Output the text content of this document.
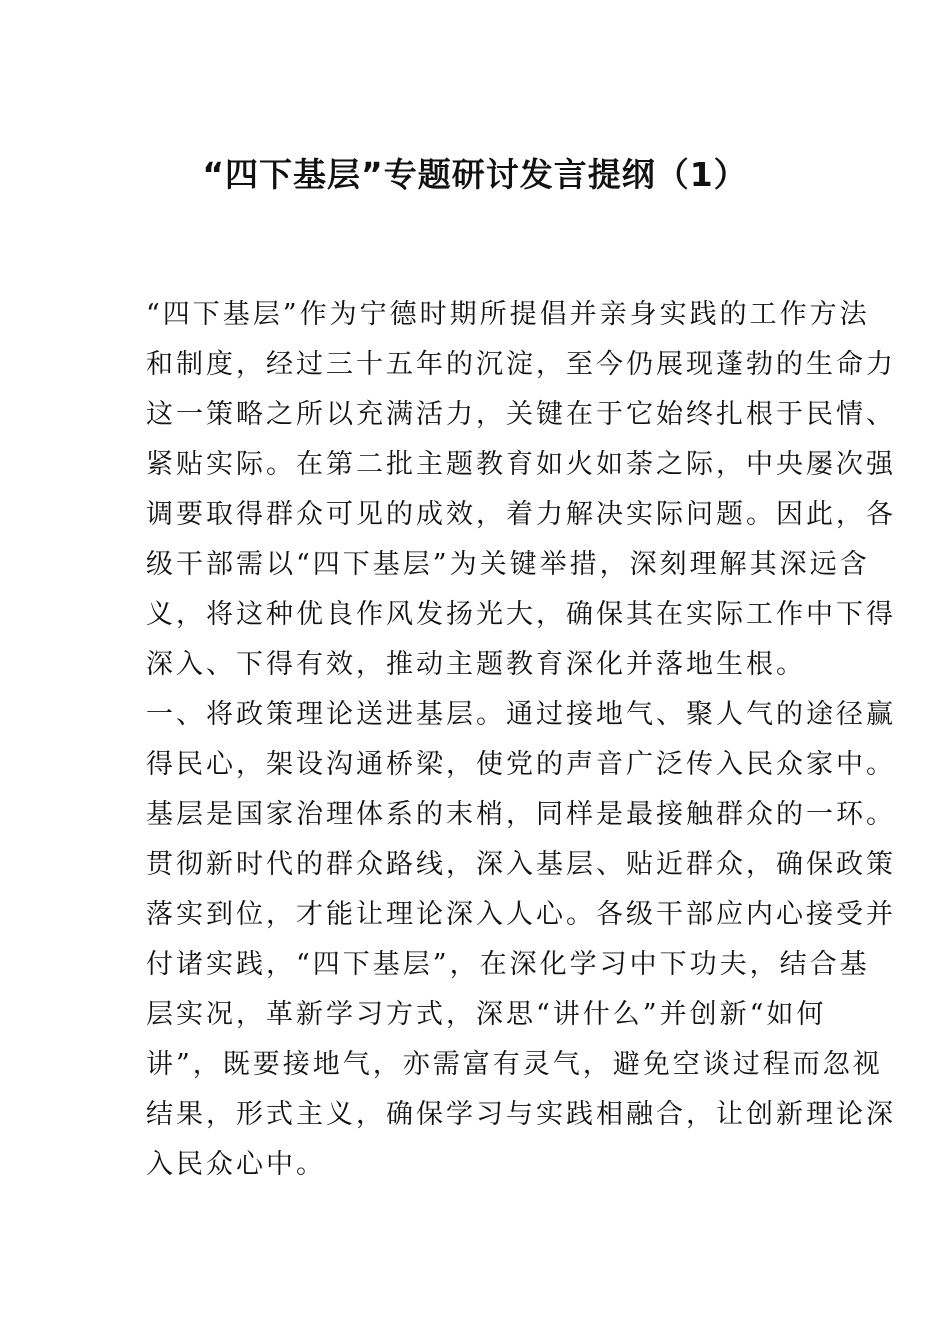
“四下基层”专题研讨发言提纲（1）
“四下基层”作为宁德时期所提倡并亲身实践的工作方法
和制度，经过三十五年的沉淀，至今仍展现蓬勃的生命力
这一策略之所以充满活力，关键在于它始终扎根于民情、
紧贴实际。在第二批主题教育如火如荼之际，中央屡次强
调要取得群众可见的成效，着力解决实际问题。因此，各
级干部需以“四下基层”为关键举措，深刻理解其深远含
义，将这种优良作风发扬光大，确保其在实际工作中下得
深入、下得有效，推动主题教育深化并落地生根。
一、将政策理论送进基层。通过接地气、聚人气的途径赢
得民心，架设沟通桥梁，使党的声音广泛传入民众家中。
基层是国家治理体系的末梢，同样是最接触群众的一环。
贯彻新时代的群众路线，深入基层、贴近群众，确保政策
落实到位，才能让理论深入人心。各级干部应内心接受并
付诸实践，“四下基层”，在深化学习中下功夫，结合基
层实况，革新学习方式，深思“讲什么”并创新“如何
讲”，既要接地气，亦需富有灵气，避免空谈过程而忽视
结果，形式主义，确保学习与实践相融合，让创新理论深
入民众心中。
